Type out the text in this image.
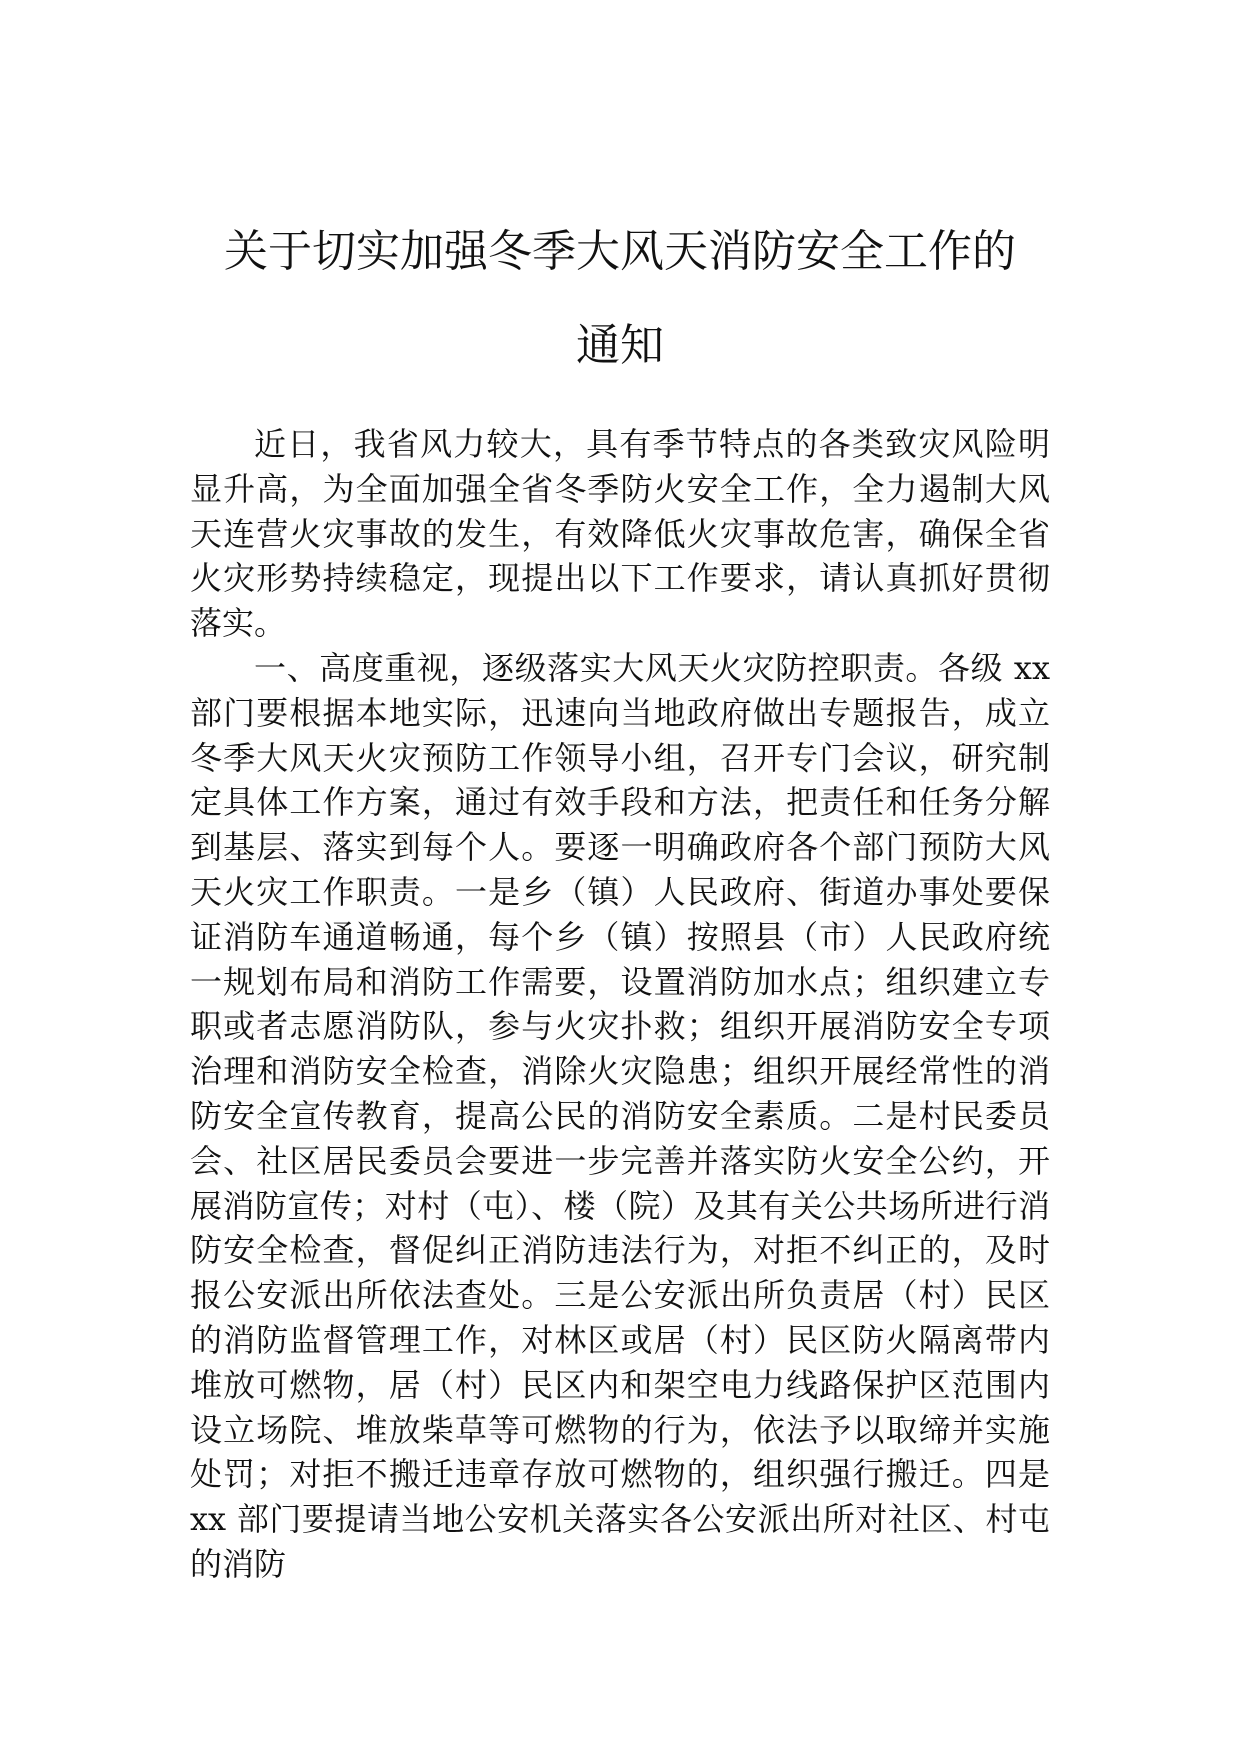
关于切实加强冬季大风天消防安全工作的
通知

近日，我省风力较大，具有季节特点的各类致灾风险明显升高，为全面加强全省冬季防火安全工作，全力遏制大风天连营火灾事故的发生，有效降低火灾事故危害，确保全省火灾形势持续稳定，现提出以下工作要求，请认真抓好贯彻落实。

一、高度重视，逐级落实大风天火灾防控职责。各级 xx 部门要根据本地实际，迅速向当地政府做出专题报告，成立冬季大风天火灾预防工作领导小组，召开专门会议，研究制定具体工作方案，通过有效手段和方法，把责任和任务分解到基层、落实到每个人。要逐一明确政府各个部门预防大风天火灾工作职责。一是乡（镇）人民政府、街道办事处要保证消防车通道畅通，每个乡（镇）按照县（市）人民政府统一规划布局和消防工作需要，设置消防加水点；组织建立专职或者志愿消防队，参与火灾扑救；组织开展消防安全专项治理和消防安全检查，消除火灾隐患；组织开展经常性的消防安全宣传教育，提高公民的消防安全素质。二是村民委员会、社区居民委员会要进一步完善并落实防火安全公约，开展消防宣传；对村（屯）、楼（院）及其有关公共场所进行消防安全检查，督促纠正消防违法行为，对拒不纠正的，及时报公安派出所依法查处。三是公安派出所负责居（村）民区的消防监督管理工作，对林区或居（村）民区防火隔离带内堆放可燃物，居（村）民区内和架空电力线路保护区范围内设立场院、堆放柴草等可燃物的行为，依法予以取缔并实施处罚；对拒不搬迁违章存放可燃物的，组织强行搬迁。四是 xx 部门要提请当地公安机关落实各公安派出所对社区、村屯的消防
